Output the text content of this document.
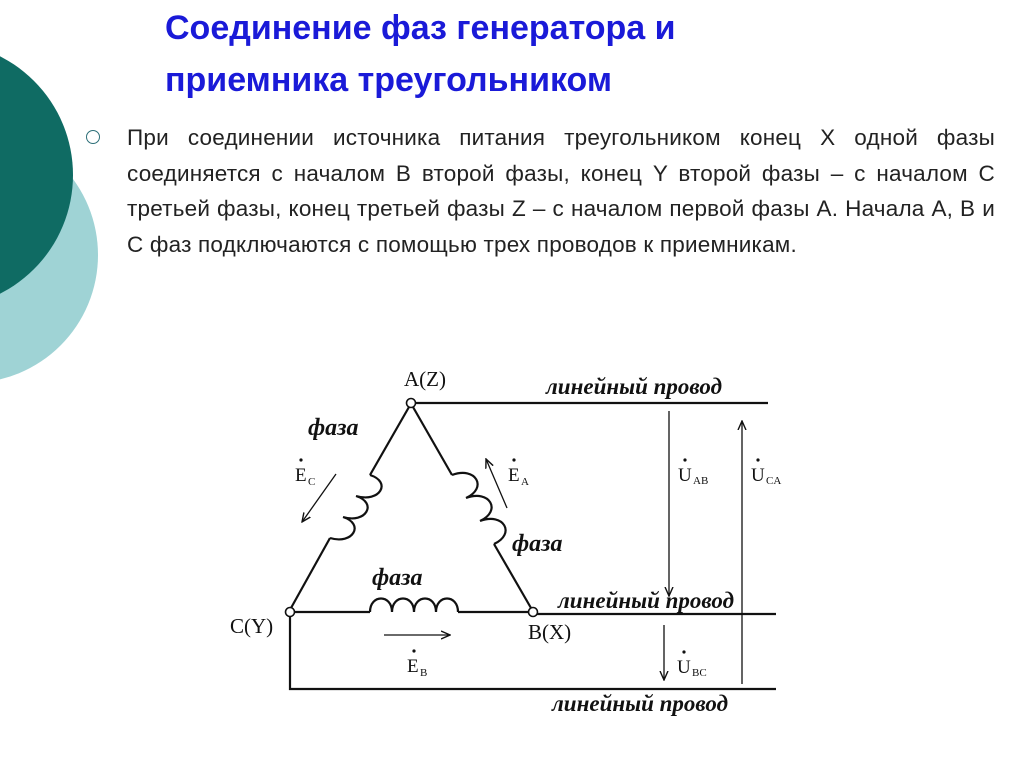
Соединение фаз генератора и
приемника треугольником
При соединении источника питания треугольником конец X одной фазы соединяется с началом B второй фазы, конец Y второй фазы – с началом C третьей фазы, конец третьей фазы Z – с началом первой фазы A. Начала A, B и C фаз подключаются с помощью трех проводов к приемникам.
A(Z)
C(Y)	B(X)
линейный провод
линейный провод
линейный провод
фаза
фаза
фаза
E C	E A
E B
U AB U CA
U BC
